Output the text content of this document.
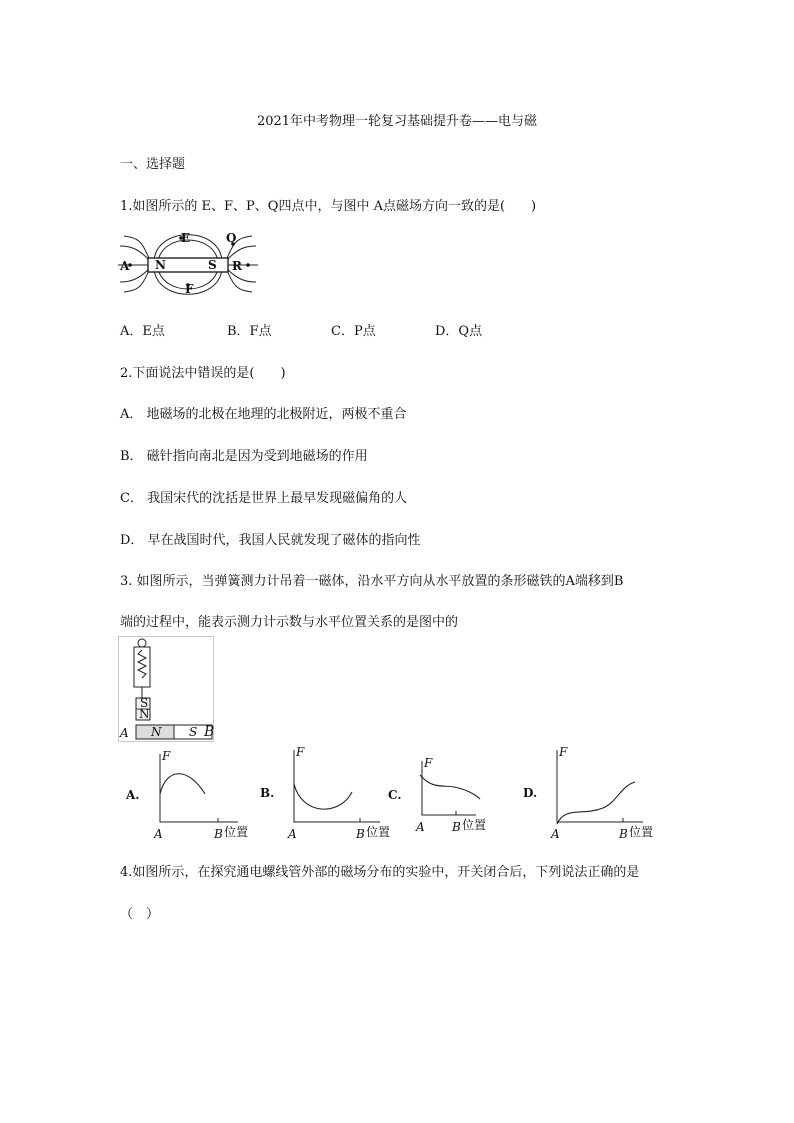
2021年中考物理一轮复习基础提升卷——电与磁
一、选择题
1.如图所示的 E、F、P、Q四点中，与图中 A点磁场方向一致的是(　　)
E	Q
A N	S R
F
A．E点	B．F点	C．P点	D．Q点
2.下面说法中错误的是(　　)
A． 地磁场的北极在地理的北极附近，两极不重合
B． 磁针指向南北是因为受到地磁场的作用
C． 我国宋代的沈括是世界上最早发现磁偏角的人
D． 早在战国时代，我国人民就发现了磁体的指向性
3. 如图所示，当弹簧测力计吊着一磁体，沿水平方向从水平放置的条形磁铁的A端移到B
端的过程中，能表示测力计示数与水平位置关系的是图中的
S
N
A N S B
A.
F
A	B 位置
B.
F
A	B 位置
C.
F
A B 位置
D.
F
A	B 位置
4.如图所示，在探究通电螺线管外部的磁场分布的实验中，开关闭合后，下列说法正确的是
（　）
